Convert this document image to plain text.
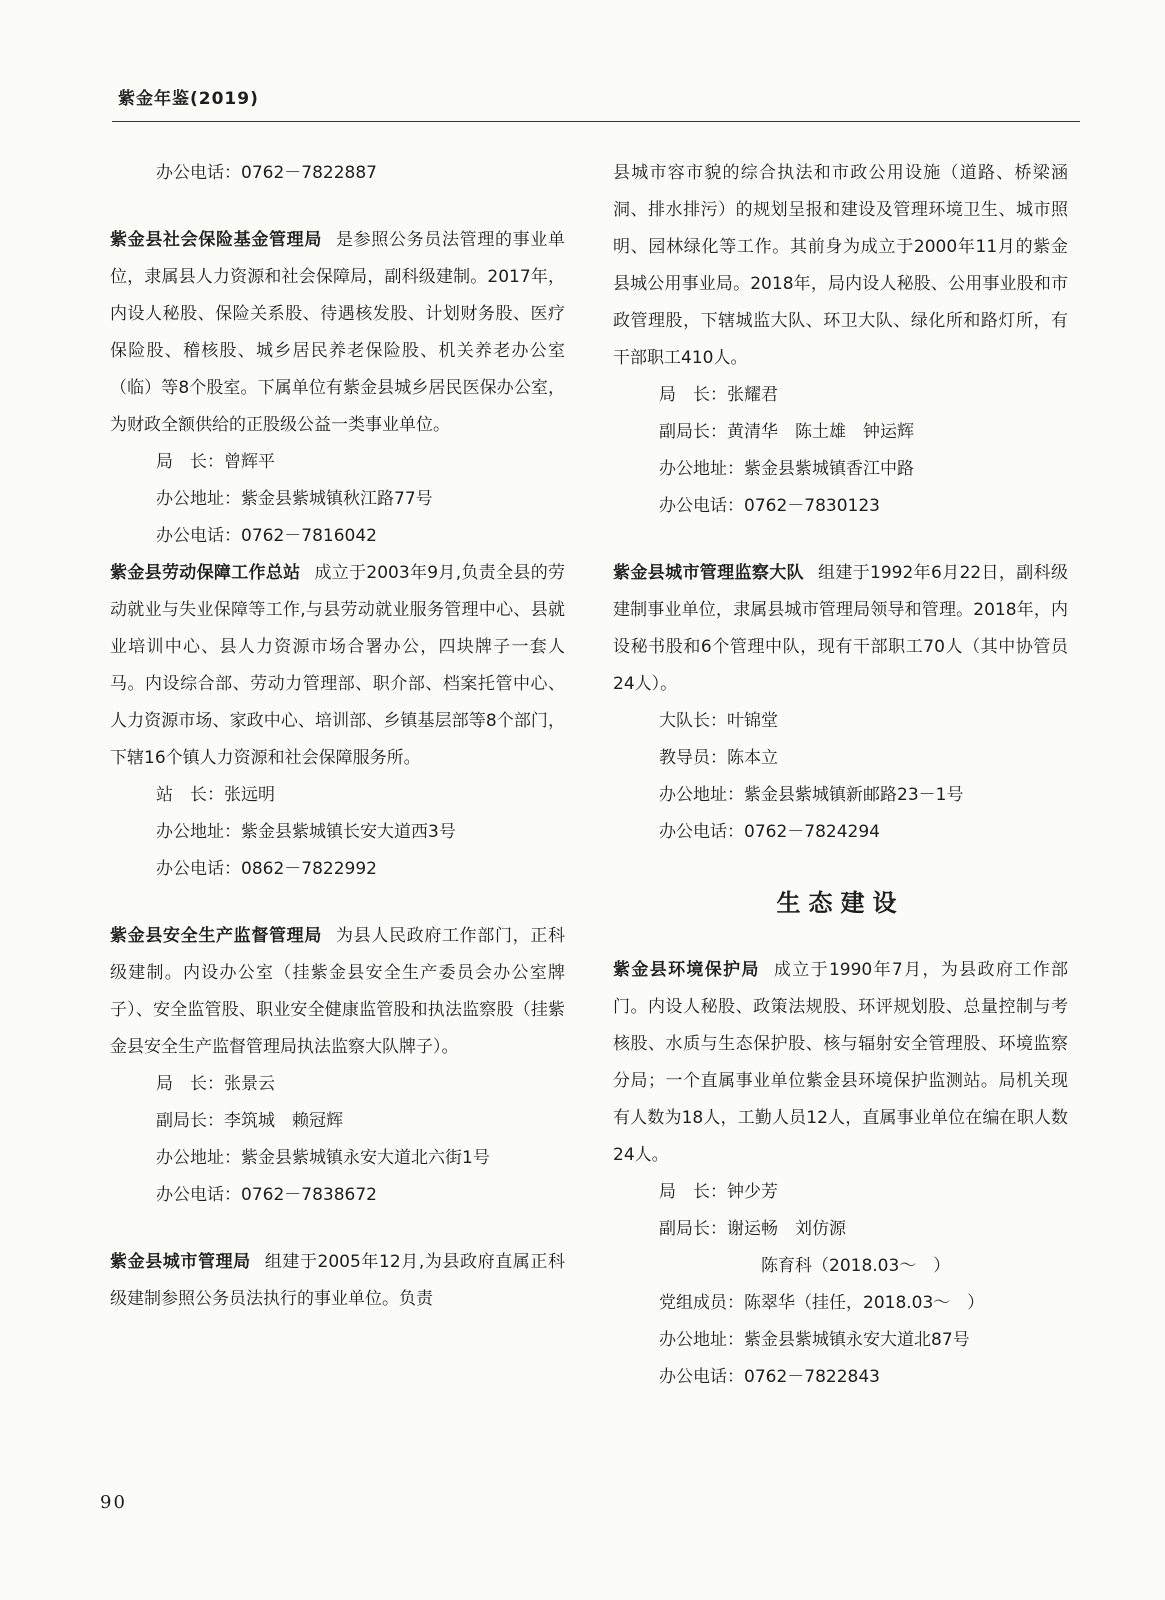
紫金年鉴(2019)

办公电话：0762－7822887

紫金县社会保险基金管理局 是参照公务员法管理的事业单位，隶属县人力资源和社会保障局，副科级建制。2017年，内设人秘股、保险关系股、待遇核发股、计划财务股、医疗保险股、稽核股、城乡居民养老保险股、机关养老办公室（临）等8个股室。下属单位有紫金县城乡居民医保办公室，为财政全额供给的正股级公益一类事业单位。

局　长：曾辉平

办公地址：紫金县紫城镇秋江路77号

办公电话：0762－7816042

紫金县劳动保障工作总站 成立于2003年9月,负责全县的劳动就业与失业保障等工作,与县劳动就业服务管理中心、县就业培训中心、县人力资源市场合署办公，四块牌子一套人马。内设综合部、劳动力管理部、职介部、档案托管中心、人力资源市场、家政中心、培训部、乡镇基层部等8个部门，下辖16个镇人力资源和社会保障服务所。

站　长：张远明

办公地址：紫金县紫城镇长安大道西3号

办公电话：0862－7822992

紫金县安全生产监督管理局 为县人民政府工作部门，正科级建制。内设办公室（挂紫金县安全生产委员会办公室牌子）、安全监管股、职业安全健康监管股和执法监察股（挂紫金县安全生产监督管理局执法监察大队牌子）。

局　长：张景云

副局长：李筑城　赖冠辉

办公地址：紫金县紫城镇永安大道北六街1号

办公电话：0762－7838672

紫金县城市管理局 组建于2005年12月,为县政府直属正科级建制参照公务员法执行的事业单位。负责

县城市容市貌的综合执法和市政公用设施（道路、桥梁涵洞、排水排污）的规划呈报和建设及管理环境卫生、城市照明、园林绿化等工作。其前身为成立于2000年11月的紫金县城公用事业局。2018年，局内设人秘股、公用事业股和市政管理股，下辖城监大队、环卫大队、绿化所和路灯所，有干部职工410人。

局　长：张耀君

副局长：黄清华　陈土雄　钟运辉

办公地址：紫金县紫城镇香江中路

办公电话：0762－7830123

紫金县城市管理监察大队 组建于1992年6月22日，副科级建制事业单位，隶属县城市管理局领导和管理。2018年，内设秘书股和6个管理中队，现有干部职工70人（其中协管员24人）。

大队长：叶锦堂

教导员：陈本立

办公地址：紫金县紫城镇新邮路23－1号

办公电话：0762－7824294

生态建设

紫金县环境保护局 成立于1990年7月，为县政府工作部门。内设人秘股、政策法规股、环评规划股、总量控制与考核股、水质与生态保护股、核与辐射安全管理股、环境监察分局；一个直属事业单位紫金县环境保护监测站。局机关现有人数为18人，工勤人员12人，直属事业单位在编在职人数24人。

局　长：钟少芳

副局长：谢运畅　刘仿源

陈育科（2018.03～　）

党组成员：陈翠华（挂任，2018.03～　）

办公地址：紫金县紫城镇永安大道北87号

办公电话：0762－7822843

90
